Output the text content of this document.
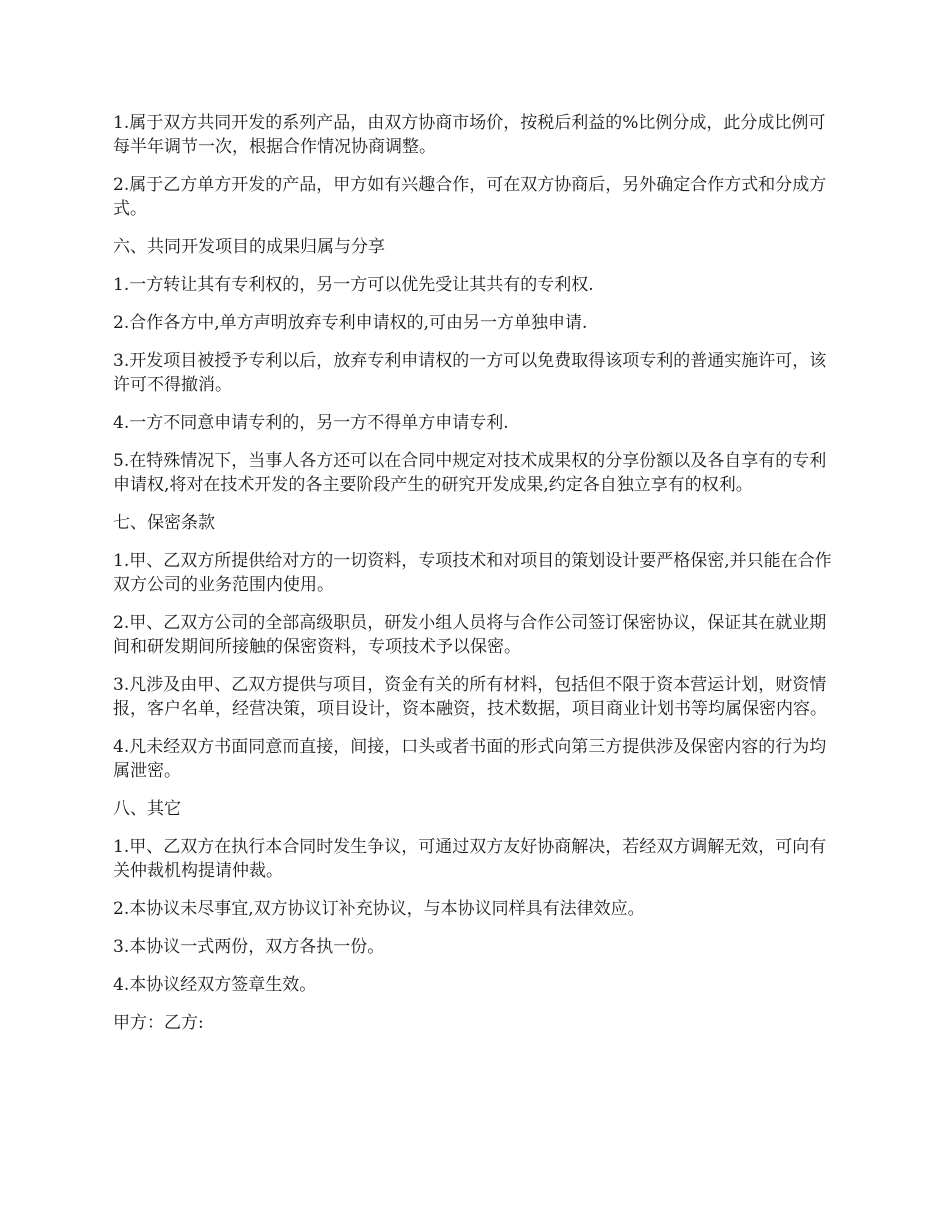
1.属于双方共同开发的系列产品，由双方协商市场价，按税后利益的%比例分成，此分成比例可每半年调节一次，根据合作情况协商调整。

2.属于乙方单方开发的产品，甲方如有兴趣合作，可在双方协商后，另外确定合作方式和分成方式。

六、共同开发项目的成果归属与分享

1.一方转让其有专利权的，另一方可以优先受让其共有的专利权.

2.合作各方中,单方声明放弃专利申请权的,可由另一方单独申请.

3.开发项目被授予专利以后，放弃专利申请权的一方可以免费取得该项专利的普通实施许可，该许可不得撤消。

4.一方不同意申请专利的，另一方不得单方申请专利.

5.在特殊情况下，当事人各方还可以在合同中规定对技术成果权的分享份额以及各自享有的专利申请权,将对在技术开发的各主要阶段产生的研究开发成果,约定各自独立享有的权利。

七、保密条款

1.甲、乙双方所提供给对方的一切资料，专项技术和对项目的策划设计要严格保密,并只能在合作双方公司的业务范围内使用。

2.甲、乙双方公司的全部高级职员，研发小组人员将与合作公司签订保密协议，保证其在就业期间和研发期间所接触的保密资料，专项技术予以保密。

3.凡涉及由甲、乙双方提供与项目，资金有关的所有材料，包括但不限于资本营运计划，财资情报，客户名单，经营决策，项目设计，资本融资，技术数据，项目商业计划书等均属保密内容。

4.凡未经双方书面同意而直接，间接，口头或者书面的形式向第三方提供涉及保密内容的行为均属泄密。

八、其它

1.甲、乙双方在执行本合同时发生争议，可通过双方友好协商解决，若经双方调解无效，可向有关仲裁机构提请仲裁。

2.本协议未尽事宜,双方协议订补充协议，与本协议同样具有法律效应。

3.本协议一式两份，双方各执一份。

4.本协议经双方签章生效。

甲方：乙方:
